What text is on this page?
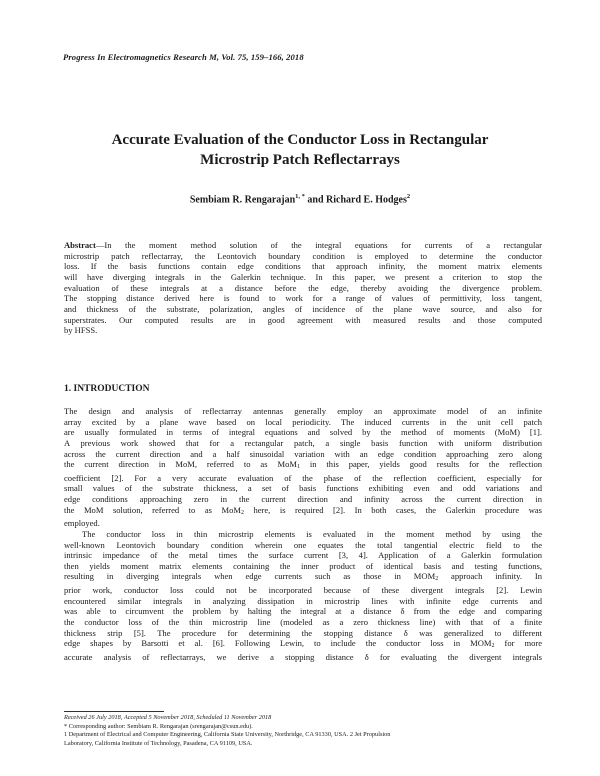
Progress In Electromagnetics Research M, Vol. 75, 159–166, 2018
Accurate Evaluation of the Conductor Loss in Rectangular
Microstrip Patch Reflectarrays
Sembiam R. Rengarajan$^{1, *}$ and Richard E. Hodges$^2$
Abstract—In the moment method solution of the integral equations for currents of a rectangular
microstrip patch reflectarray, the Leontovich boundary condition is employed to determine the conductor
loss. If the basis functions contain edge conditions that approach infinity, the moment matrix elements
will have diverging integrals in the Galerkin technique. In this paper, we present a criterion to stop the
evaluation of these integrals at a distance before the edge, thereby avoiding the divergence problem.
The stopping distance derived here is found to work for a range of values of permittivity, loss tangent,
and thickness of the substrate, polarization, angles of incidence of the plane wave source, and also for
superstrates. Our computed results are in good agreement with measured results and those computed
by HFSS.
1. INTRODUCTION
The design and analysis of reflectarray antennas generally employ an approximate model of an infinite
array excited by a plane wave based on local periodicity. The induced currents in the unit cell patch
are usually formulated in terms of integral equations and solved by the method of moments (MoM) [1].
A previous work showed that for a rectangular patch, a single basis function with uniform distribution
across the current direction and a half sinusoidal variation with an edge condition approaching zero along
the current direction in MoM, referred to as MoM1 in this paper, yields good results for the reflection
coefficient [2]. For a very accurate evaluation of the phase of the reflection coefficient, especially for
small values of the substrate thickness, a set of basis functions exhibiting even and odd variations and
edge conditions approaching zero in the current direction and infinity across the current direction in
the MoM solution, referred to as MoM2 here, is required [2]. In both cases, the Galerkin procedure was
employed.
The conductor loss in thin microstrip elements is evaluated in the moment method by using the
well-known Leontovich boundary condition wherein one equates the total tangential electric field to the
intrinsic impedance of the metal times the surface current [3, 4]. Application of a Galerkin formulation
then yields moment matrix elements containing the inner product of identical basis and testing functions,
resulting in diverging integrals when edge currents such as those in MOM2 approach infinity. In
prior work, conductor loss could not be incorporated because of these divergent integrals [2]. Lewin
encountered similar integrals in analyzing dissipation in microstrip lines with infinite edge currents and
was able to circumvent the problem by halting the integral at a distance δ from the edge and comparing
the conductor loss of the thin microstrip line (modeled as a zero thickness line) with that of a finite
thickness strip [5]. The procedure for determining the stopping distance δ was generalized to different
edge shapes by Barsotti et al. [6]. Following Lewin, to include the conductor loss in MOM2 for more
accurate analysis of reflectarrays, we derive a stopping distance δ for evaluating the divergent integrals
Received 26 July 2018, Accepted 5 November 2018, Scheduled 11 November 2018
* Corresponding author: Sembiam R. Rengarajan (srengarajan@csun.edu).
1 Department of Electrical and Computer Engineering, California State University, Northridge, CA 91330, USA. 2 Jet Propulsion
Laboratory, California Institute of Technology, Pasadena, CA 91109, USA.
